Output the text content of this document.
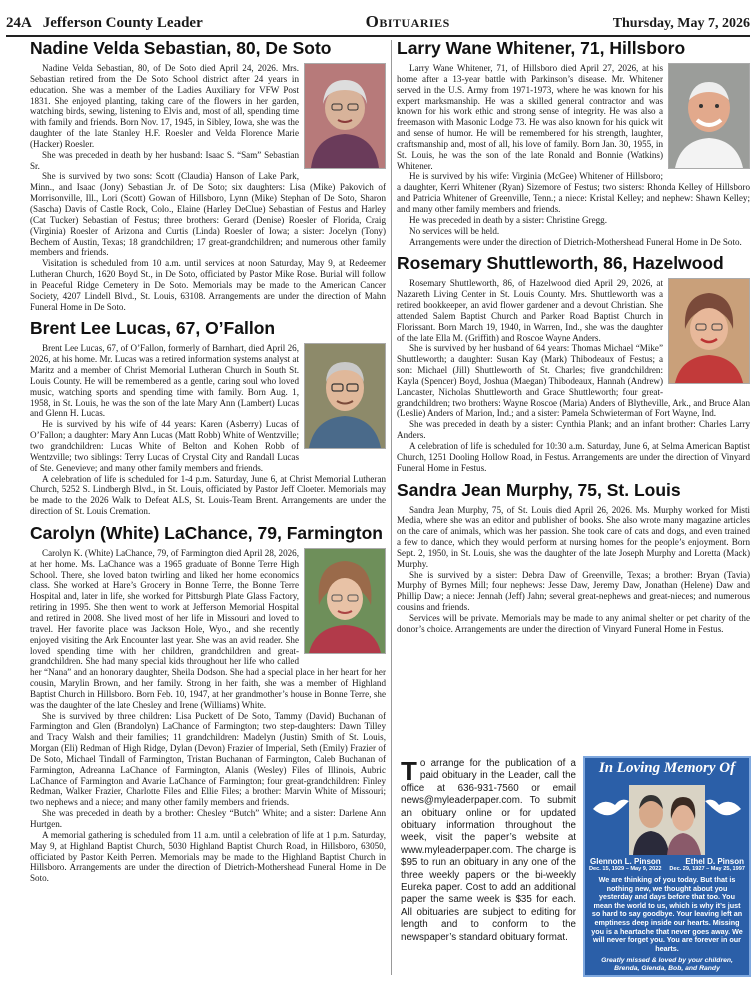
24A Jefferson County Leader	Obituaries	Thursday, May 7, 2026
Nadine Velda Sebastian, 80, De Soto

Nadine Velda Sebastian, 80, of De Soto died April 24, 2026. Mrs. Sebastian retired from the De Soto School district after 24 years in education. She was a member of the Ladies Auxiliary for VFW Post 1831. She enjoyed planting, taking care of the flowers in her garden, watching birds, sewing, listening to Elvis and, most of all, spending time with family and friends. Born Nov. 17, 1945, in Sibley, Iowa, she was the daughter of the late Stanley H.F. Roesler and Velda Florence Marie (Hacker) Roesler.

She was preceded in death by her husband: Isaac S. “Sam” Sebastian Sr.

She is survived by two sons: Scott (Claudia) Hanson of Lake Park, Minn., and Isaac (Jony) Sebastian Jr. of De Soto; six daughters: Lisa (Mike) Pakovich of Morrisonville, Ill., Lori (Scott) Gowan of Hillsboro, Lynn (Mike) Stephan of De Soto, Sharon (Sascha) Davis of Castle Rock, Colo., Elaine (Harley DeClue) Sebastian of Festus and Harley (Cat Tucker) Sebastian of Festus; three brothers: Gerard (Denise) Roesler of Florida, Craig (Virginia) Roesler of Arizona and Curtis (Linda) Roesler of Iowa; a sister: Jocelyn (Tony) Bechem of Austin, Texas; 18 grandchildren; 17 great-grandchildren; and numerous other family members and friends.

Visitation is scheduled from 10 a.m. until services at noon Saturday, May 9, at Redeemer Lutheran Church, 1620 Boyd St., in De Soto, officiated by Pastor Mike Rose. Burial will follow in Peaceful Ridge Cemetery in De Soto. Memorials may be made to the American Cancer Society, 4207 Lindell Blvd., St. Louis, 63108. Arrangements are under the direction of Mahn Funeral Home in De Soto.

Brent Lee Lucas, 67, O’Fallon

Brent Lee Lucas, 67, of O’Fallon, formerly of Barnhart, died April 26, 2026, at his home. Mr. Lucas was a retired information systems analyst at Maritz and a member of Christ Memorial Lutheran Church in South St. Louis County. He will be remembered as a gentle, caring soul who loved music, watching sports and spending time with family. Born Aug. 1, 1958, in St. Louis, he was the son of the late Mary Ann (Lambert) Lucas and Glenn H. Lucas.

He is survived by his wife of 44 years: Karen (Asberry) Lucas of O’Fallon; a daughter: Mary Ann Lucas (Matt Robb) White of Wentzville; two grandchildren: Lucas White of Belton and Kohen Robb of Wentzville; two siblings: Terry Lucas of Crystal City and Randall Lucas of Ste. Genevieve; and many other family members and friends.

A celebration of life is scheduled for 1-4 p.m. Saturday, June 6, at Christ Memorial Lutheran Church, 5252 S. Lindbergh Blvd., in St. Louis, officiated by Pastor Jeff Cloeter. Memorials may be made to the 2026 Walk to Defeat ALS, St. Louis-Team Brent. Arrangements are under the direction of St. Louis Cremation.

Carolyn (White) LaChance, 79, Farmington

Carolyn K. (White) LaChance, 79, of Farmington died April 28, 2026, at her home. Ms. LaChance was a 1965 graduate of Bonne Terre High School. There, she loved baton twirling and liked her home economics class. She worked at Hare’s Grocery in Bonne Terre, the Bonne Terre Hospital and, later in life, she worked for Pittsburgh Plate Glass Factory, retiring in 1995. She then went to work at Jefferson Memorial Hospital and retired in 2008. She lived most of her life in Missouri and loved to travel. Her favorite place was Jackson Hole, Wyo., and she recently enjoyed visiting the Ark Encounter last year. She was an avid reader. She loved spending time with her children, grandchildren and great-grandchildren. She had many special kids throughout her life who called her “Nana” and an honorary daughter, Sheila Dodson. She had a special place in her heart for her cousin, Marylin Brown, and her family. Strong in her faith, she was a member of Highland Baptist Church in Hillsboro. Born Feb. 10, 1947, at her grandmother’s house in Bonne Terre, she was the daughter of the late Chesley and Irene (Williams) White.

She is survived by three children: Lisa Puckett of De Soto, Tammy (David) Buchanan of Farmington and Glen (Brandolyn) LaChance of Farmington; two step-daughters: Dawn Tilley and Tracy Walsh and their families; 11 grandchildren: Madelyn (Justin) Smith of St. Louis, Morgan (Eli) Redman of High Ridge, Dylan (Devon) Frazier of Imperial, Seth (Emily) Frazier of De Soto, Michael Tindall of Farmington, Tristan Buchanan of Farmington, Caleb Buchanan of Farmington, Adreanna LaChance of Farmington, Alanis (Wesley) Files of Illinois, Aubric LaChance of Farmington and Avarie LaChance of Farmington; four great-grandchildren: Finley Redman, Walker Frazier, Charlotte Files and Ellie Files; a brother: Marvin White of Missouri; two nephews and a niece; and many other family members and friends.

She was preceded in death by a brother: Chesley “Butch” White; and a sister: Darlene Ann Hurtgen.

A memorial gathering is scheduled from 11 a.m. until a celebration of life at 1 p.m. Saturday, May 9, at Highland Baptist Church, 5030 Highland Baptist Church Road, in Hillsboro, 63050, officiated by Pastor Keith Perren. Memorials may be made to the Highland Baptist Church in Hillsboro. Arrangements are under the direction of Dietrich-Mothershead Funeral Home in De Soto.

Larry Wane Whitener, 71, Hillsboro

Larry Wane Whitener, 71, of Hillsboro died April 27, 2026, at his home after a 13-year battle with Parkinson’s disease. Mr. Whitener served in the U.S. Army from 1971-1973, where he was known for his expert marksmanship. He was a skilled general contractor and was known for his work ethic and strong sense of integrity. He was also a freemason with Masonic Lodge 73. He was also known for his quick wit and sense of humor. He will be remembered for his strength, laughter, craftsmanship and, most of all, his love of family. Born Jan. 30, 1955, in St. Louis, he was the son of the late Ronald and Bonnie (Watkins) Whitener.

He is survived by his wife: Virginia (McGee) Whitener of Hillsboro; a daughter, Kerri Whitener (Ryan) Sizemore of Festus; two sisters: Rhonda Kelley of Hillsboro and Patricia Whitener of Greenville, Tenn.; a niece: Kristal Kelley; and nephew: Shawn Kelley; and many other family members and friends.

He was preceded in death by a sister: Christine Gregg.

No services will be held.

Arrangements were under the direction of Dietrich-Mothershead Funeral Home in De Soto.

Rosemary Shuttleworth, 86, Hazelwood

Rosemary Shuttleworth, 86, of Hazelwood died April 29, 2026, at Nazareth Living Center in St. Louis County. Mrs. Shuttleworth was a retired bookkeeper, an avid flower gardener and a devout Christian. She attended Salem Baptist Church and Parker Road Baptist Church in Florissant. Born March 19, 1940, in Warren, Ind., she was the daughter of the late Ella M. (Griffith) and Roscoe Wayne Anders.

She is survived by her husband of 64 years: Thomas Michael “Mike” Shuttleworth; a daughter: Susan Kay (Mark) Thibodeaux of Festus; a son: Michael (Jill) Shuttleworth of St. Charles; five grandchildren: Kayla (Spencer) Boyd, Joshua (Maegan) Thibodeaux, Hannah (Andrew) Lancaster, Nicholas Shuttleworth and Grace Shuttleworth; four great-grandchildren; two brothers: Wayne Roscoe (Maria) Anders of Blytheville, Ark., and Bruce Alan (Leslie) Anders of Marion, Ind.; and a sister: Pamela Schwieterman of Fort Wayne, Ind.

She was preceded in death by a sister: Cynthia Plank; and an infant brother: Charles Larry Anders.

A celebration of life is scheduled for 10:30 a.m. Saturday, June 6, at Selma American Baptist Church, 1251 Dooling Hollow Road, in Festus. Arrangements are under the direction of Vinyard Funeral Home in Festus.

Sandra Jean Murphy, 75, St. Louis

Sandra Jean Murphy, 75, of St. Louis died April 26, 2026. Ms. Murphy worked for Misti Media, where she was an editor and publisher of books. She also wrote many magazine articles on the care of animals, which was her passion. She took care of cats and dogs, and even trained a few to dance, which they would perform at nursing homes for the people’s enjoyment. Born Sept. 2, 1950, in St. Louis, she was the daughter of the late Joseph Murphy and Loretta (Mack) Murphy.

She is survived by a sister: Debra Daw of Greenville, Texas; a brother: Bryan (Tavia) Murphy of Byrnes Mill; four nephews: Jesse Daw, Jeremy Daw, Jonathan (Helene) Daw and Phillip Daw; a niece: Jennah (Jeff) Jahn; several great-nephews and great-nieces; and numerous cousins and friends.

Services will be private. Memorials may be made to any animal shelter or pet charity of the donor’s choice. Arrangements are under the direction of Vinyard Funeral Home in Festus.

To arrange for the publication of a paid obituary in the Leader, call the office at 636-931-7560 or email news@myleaderpaper.com. To submit an obituary online or for updated obituary information throughout the week, visit the paper’s website at www.myleaderpaper.com. The charge is $95 to run an obituary in any one of the three weekly papers or the bi-weekly Eureka paper. Cost to add an additional paper the same week is $35 for each. All obituaries are subject to editing for length and to conform to the newspaper’s standard obituary format.
In Loving Memory Of
Glennon L. Pinson	Ethel D. Pinson
Dec. 15, 1929 – May 9, 2022 Dec. 29, 1927 – May 25, 1997
We are thinking of you today. But that is nothing new, we thought about you yesterday and days before that too. You mean the world to us, which is why it’s just so hard to say goodbye. Your leaving left an emptiness deep inside our hearts. Missing you is a heartache that never goes away. We will never forget you. You are forever in our hearts.
Greatly missed & loved by your children, Brenda, Glenda, Bob, and Randy
